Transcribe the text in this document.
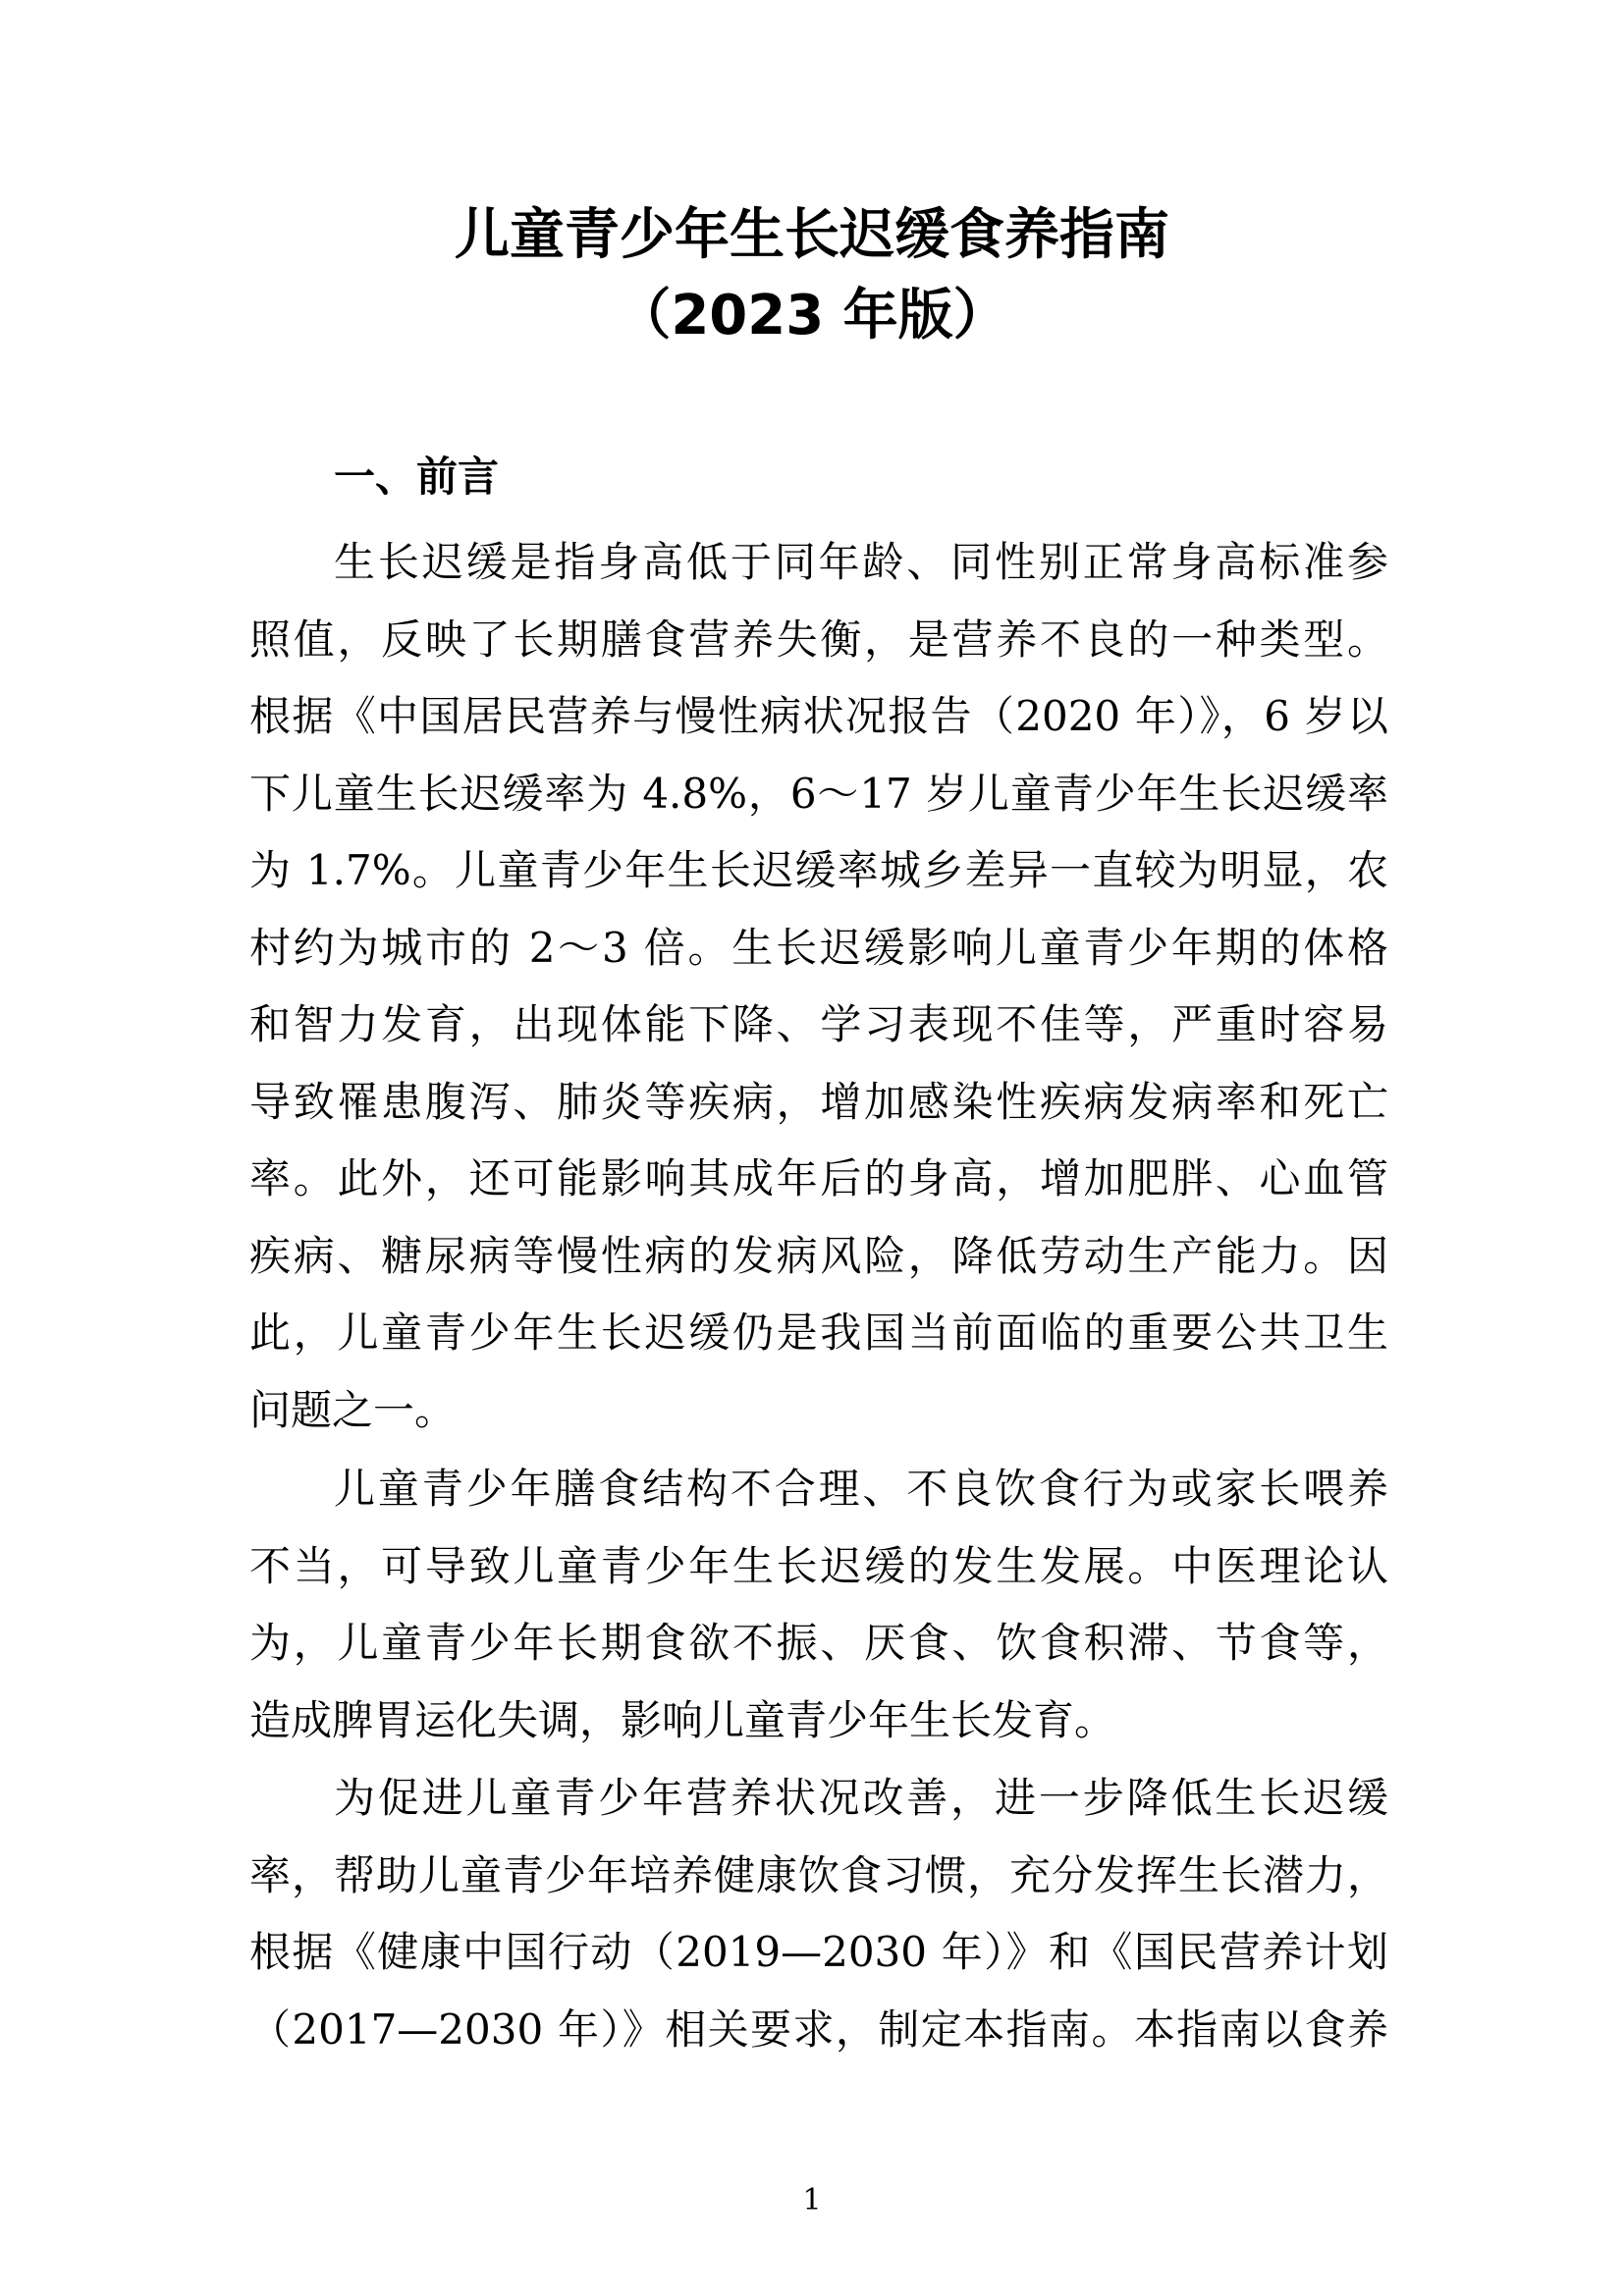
儿童青少年生长迟缓食养指南
（2023 年版）
一、前言
生长迟缓是指身高低于同年龄、同性别正常身高标准参
照值，反映了长期膳食营养失衡，是营养不良的一种类型。
根据《中国居民营养与慢性病状况报告（2020 年）》，6 岁以
下儿童生长迟缓率为 4.8%，6～17 岁儿童青少年生长迟缓率
为 1.7%。儿童青少年生长迟缓率城乡差异一直较为明显，农
村约为城市的 2～3 倍。生长迟缓影响儿童青少年期的体格
和智力发育，出现体能下降、学习表现不佳等，严重时容易
导致罹患腹泻、肺炎等疾病，增加感染性疾病发病率和死亡
率。此外，还可能影响其成年后的身高，增加肥胖、心血管
疾病、糖尿病等慢性病的发病风险，降低劳动生产能力。因
此，儿童青少年生长迟缓仍是我国当前面临的重要公共卫生
问题之一。
儿童青少年膳食结构不合理、不良饮食行为或家长喂养
不当，可导致儿童青少年生长迟缓的发生发展。中医理论认
为，儿童青少年长期食欲不振、厌食、饮食积滞、节食等，
造成脾胃运化失调，影响儿童青少年生长发育。
为促进儿童青少年营养状况改善，进一步降低生长迟缓
率，帮助儿童青少年培养健康饮食习惯，充分发挥生长潜力，
根据《健康中国行动（2019—2030 年）》和《国民营养计划
（2017—2030 年）》相关要求，制定本指南。本指南以食养
1
